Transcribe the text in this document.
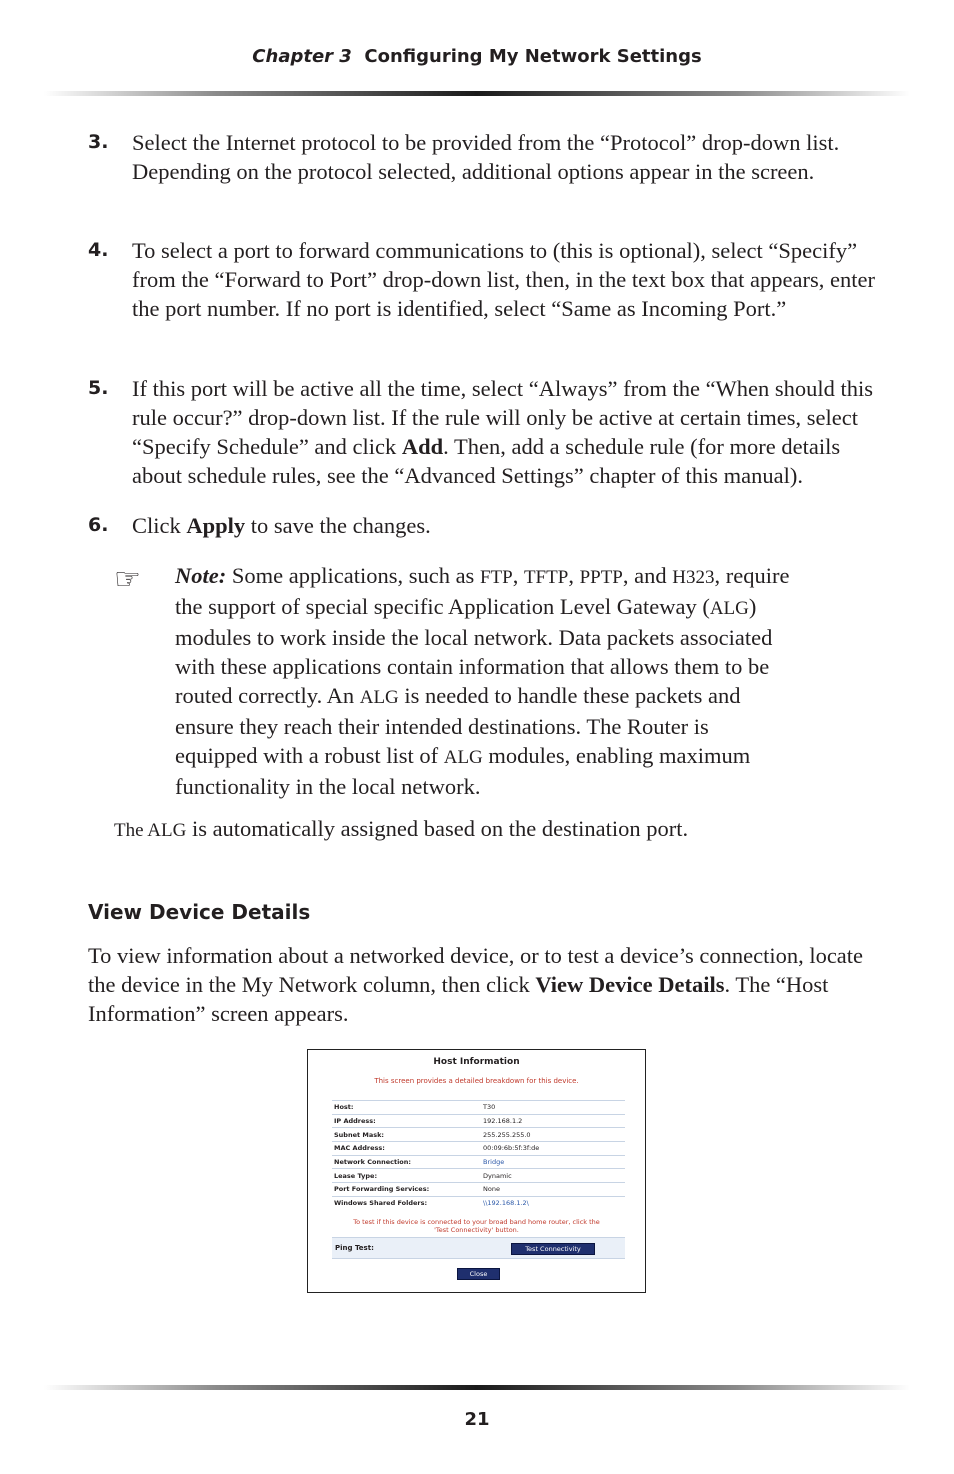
Chapter 3 Configuring My Network Settings
3. Select the Internet protocol to be provided from the “Protocol” drop-down list. Depending on the protocol selected, additional options appear in the screen.
4. To select a port to forward communications to (this is optional), select “Specify” from the “Forward to Port” drop-down list, then, in the text box that appears, enter the port number. If no port is identified, select “Same as Incoming Port.”
5. If this port will be active all the time, select “Always” from the “When should this rule occur?” drop-down list. If the rule will only be active at certain times, select “Specify Schedule” and click Add. Then, add a schedule rule (for more details about schedule rules, see the “Advanced Settings” chapter of this manual).
6. Click Apply to save the changes.
☞ Note: Some applications, such as FTP, TFTP, PPTP, and H323, require the support of special specific Application Level Gateway (ALG) modules to work inside the local network. Data packets associated with these applications contain information that allows them to be routed correctly. An ALG is needed to handle these packets and ensure they reach their intended destinations. The Router is equipped with a robust list of ALG modules, enabling maximum functionality in the local network.
The ALG is automatically assigned based on the destination port.
View Device Details
To view information about a networked device, or to test a device’s connection, locate the device in the My Network column, then click View Device Details. The “Host Information” screen appears.
Host Information
This screen provides a detailed breakdown for this device.
Host:	T30
IP Address:	192.168.1.2
Subnet Mask:	255.255.255.0
MAC Address:	00:09:6b:5f:3f:de
Network Connection:	Bridge
Lease Type:	Dynamic
Port Forwarding Services:	None
Windows Shared Folders:	\\192.168.1.2\
To test if this device is connected to your broad band home router, click the
'Test Connectivity' button.
Ping Test:	Test Connectivity
Close
21
